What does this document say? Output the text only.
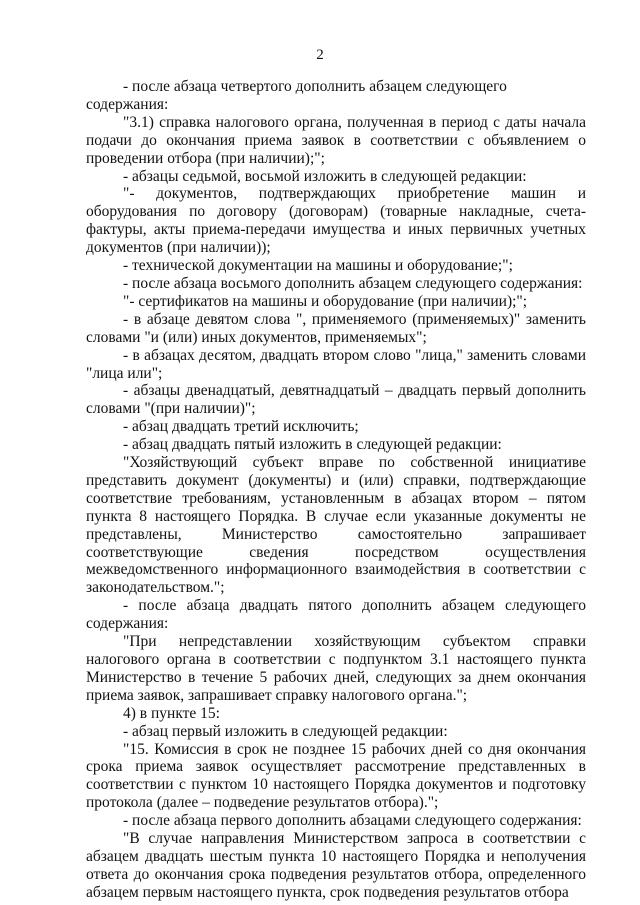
2

- после абзаца четвертого дополнить абзацем следующего содержания:

"3.1) справка налогового органа, полученная в период с даты начала подачи до окончания приема заявок в соответствии с объявлением о проведении отбора (при наличии);";

- абзацы седьмой, восьмой изложить в следующей редакции:

"- документов, подтверждающих приобретение машин и оборудования по договору (договорам) (товарные накладные, счета-фактуры, акты приема-передачи имущества и иных первичных учетных документов (при наличии));

- технической документации на машины и оборудование;";

- после абзаца восьмого дополнить абзацем следующего содержания:

"- сертификатов на машины и оборудование (при наличии);";

- в абзаце девятом слова ", применяемого (применяемых)" заменить словами "и (или) иных документов, применяемых";

- в абзацах десятом, двадцать втором слово "лица," заменить словами "лица или";

- абзацы двенадцатый, девятнадцатый – двадцать первый дополнить словами "(при наличии)";

- абзац двадцать третий исключить;

- абзац двадцать пятый изложить в следующей редакции:

"Хозяйствующий субъект вправе по собственной инициативе представить документ (документы) и (или) справки, подтверждающие соответствие требованиям, установленным в абзацах втором – пятом пункта 8 настоящего Порядка. В случае если указанные документы не представлены, Министерство самостоятельно запрашивает соответствующие сведения посредством осуществления межведомственного информационного взаимодействия в соответствии с законодательством.";

- после абзаца двадцать пятого дополнить абзацем следующего содержания:

"При непредставлении хозяйствующим субъектом справки налогового органа в соответствии с подпунктом 3.1 настоящего пункта Министерство в течение 5 рабочих дней, следующих за днем окончания приема заявок, запрашивает справку налогового органа.";

4) в пункте 15:

- абзац первый изложить в следующей редакции:

"15. Комиссия в срок не позднее 15 рабочих дней со дня окончания срока приема заявок осуществляет рассмотрение представленных в соответствии с пунктом 10 настоящего Порядка документов и подготовку протокола (далее – подведение результатов отбора).";

- после абзаца первого дополнить абзацами следующего содержания:

"В случае направления Министерством запроса в соответствии с абзацем двадцать шестым пункта 10 настоящего Порядка и неполучения ответа до окончания срока подведения результатов отбора, определенного абзацем первым настоящего пункта, срок подведения результатов отбора
